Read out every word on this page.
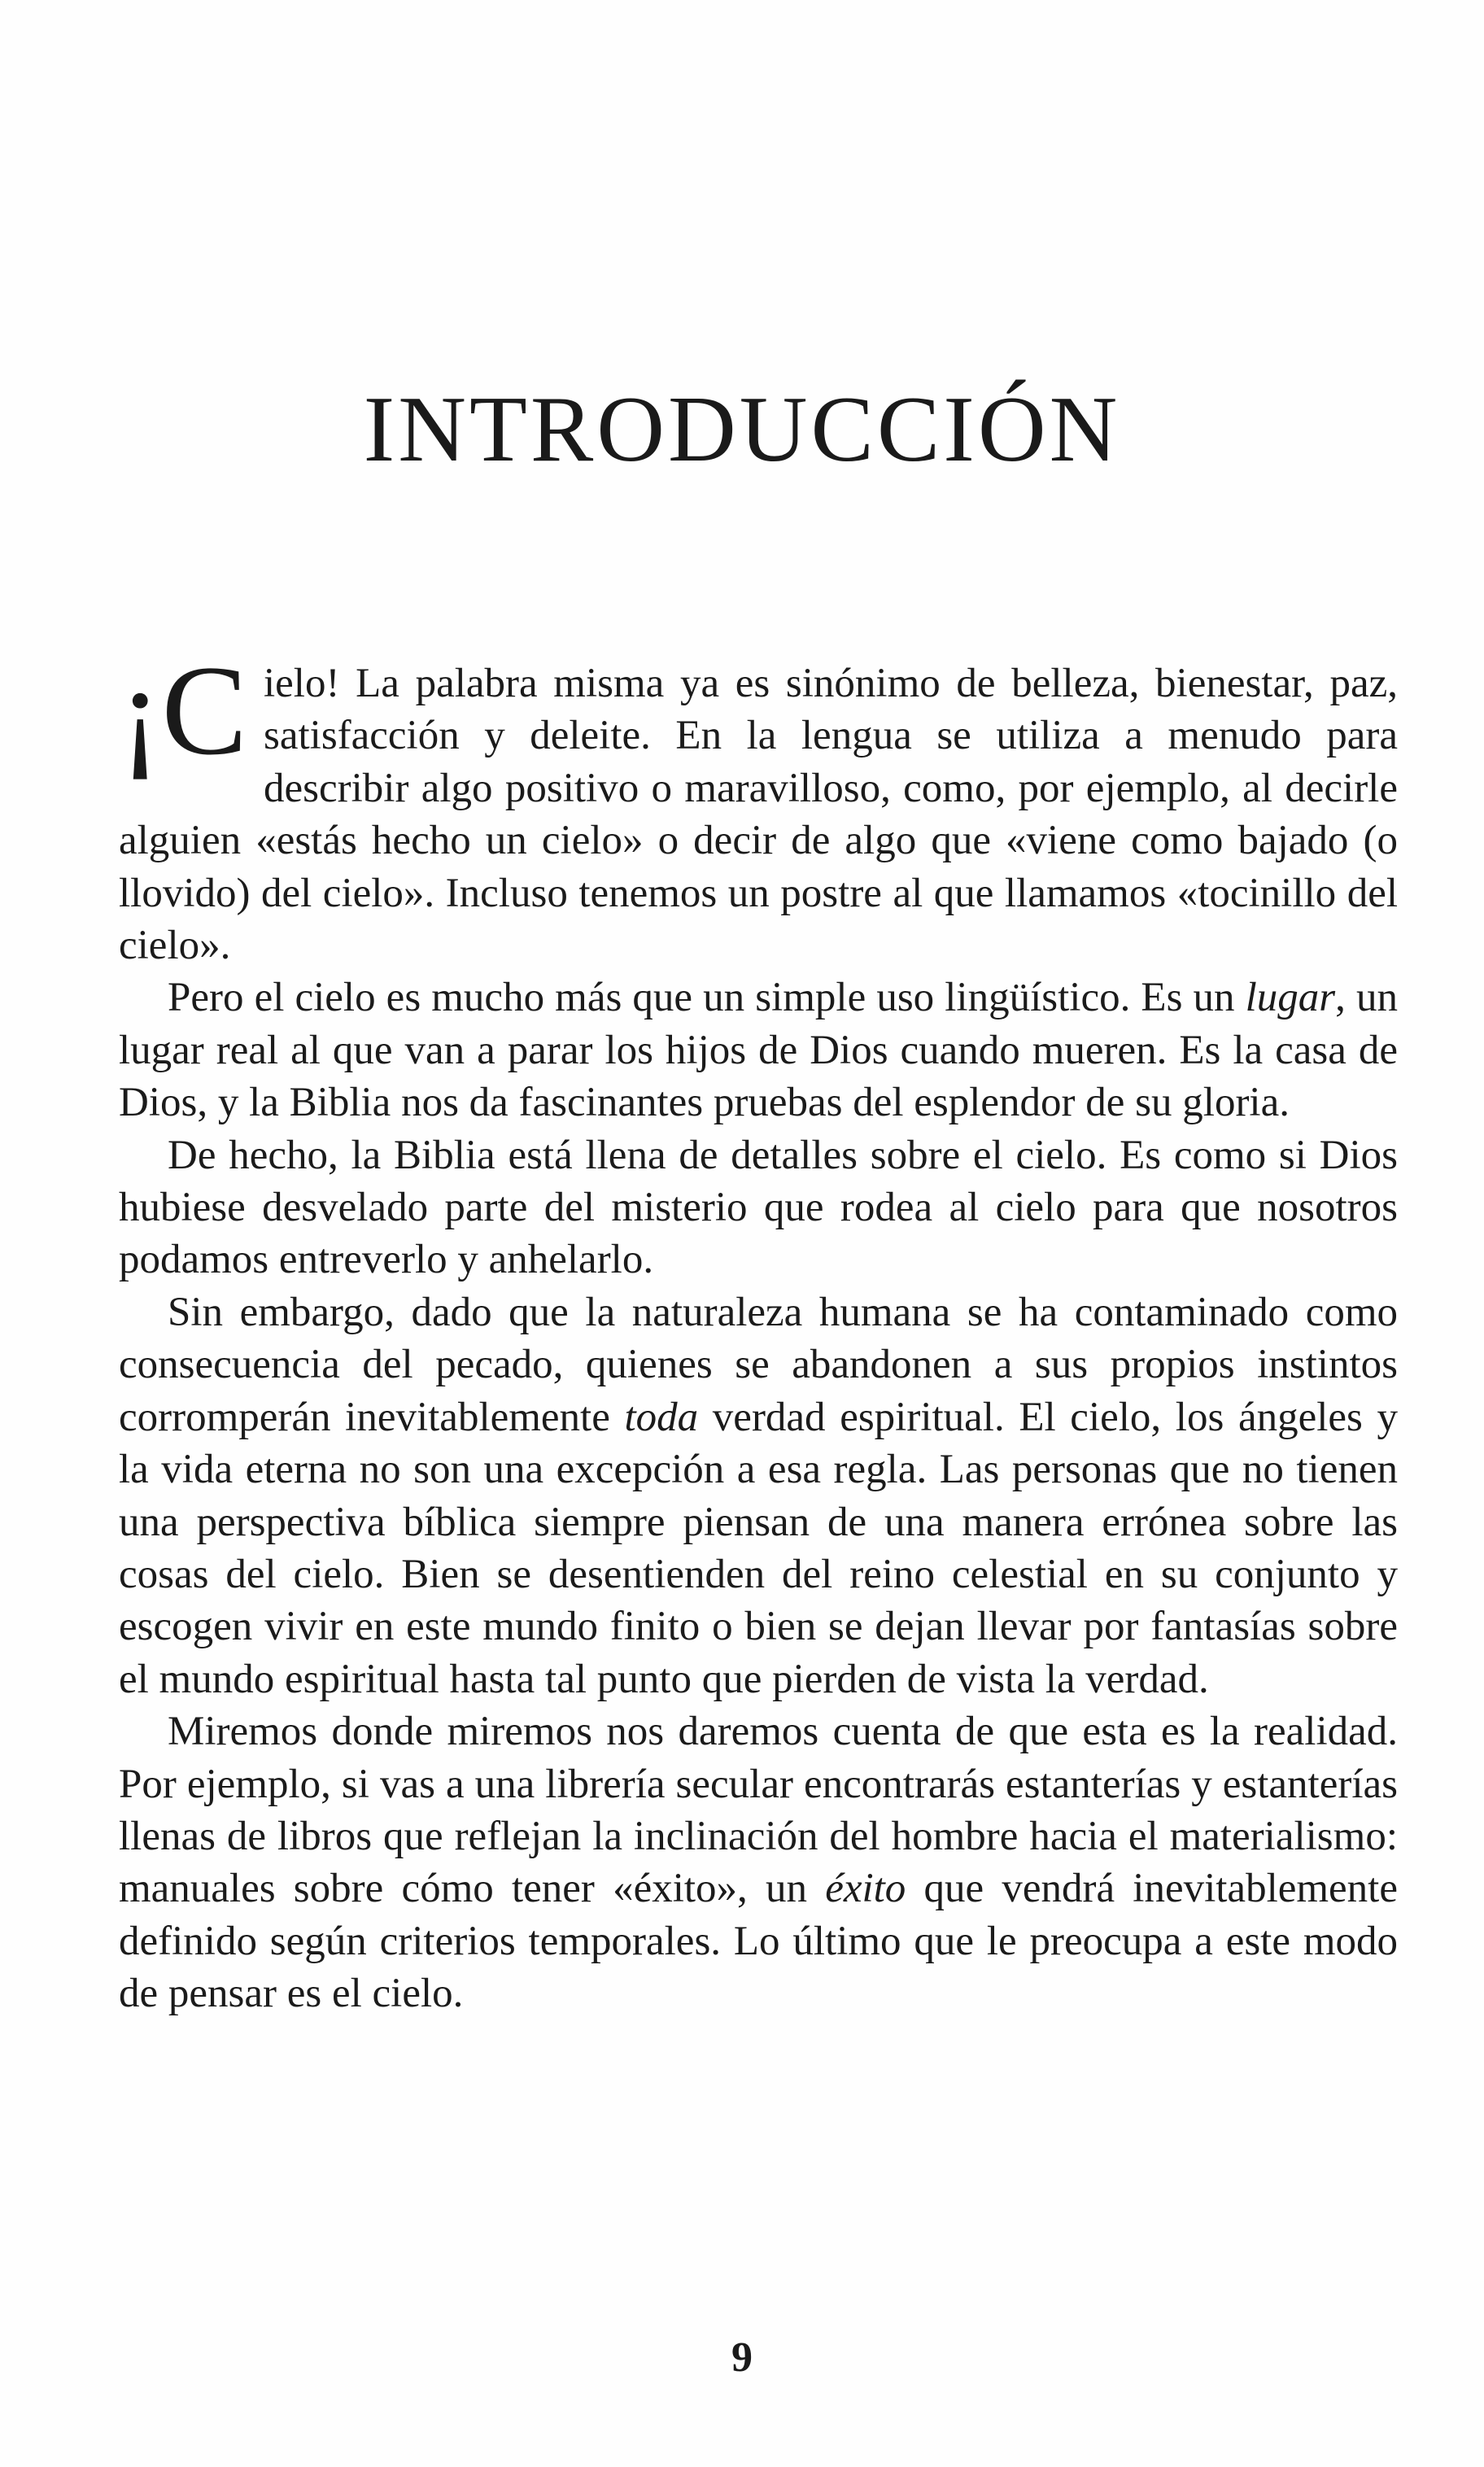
INTRODUCCIÓN

¡C ielo! La palabra misma ya es sinónimo de belleza, bienestar, paz, satisfacción y deleite. En la lengua se utiliza a menudo para describir algo positivo o maravilloso, como, por ejemplo, al decirle alguien «estás hecho un cielo» o decir de algo que «viene como bajado (o llovido) del cielo». Incluso tenemos un postre al que llamamos «tocinillo del cielo».

Pero el cielo es mucho más que un simple uso lingüístico. Es un lugar, un lugar real al que van a parar los hijos de Dios cuando mueren. Es la casa de Dios, y la Biblia nos da fascinantes pruebas del esplendor de su gloria.

De hecho, la Biblia está llena de detalles sobre el cielo. Es como si Dios hubiese desvelado parte del misterio que rodea al cielo para que nosotros podamos entreverlo y anhelarlo.

Sin embargo, dado que la naturaleza humana se ha contaminado como consecuencia del pecado, quienes se abandonen a sus propios instintos corromperán inevitablemente toda verdad espiritual. El cielo, los ángeles y la vida eterna no son una excepción a esa regla. Las personas que no tienen una perspectiva bíblica siempre piensan de una manera errónea sobre las cosas del cielo. Bien se desentienden del reino celestial en su conjunto y escogen vivir en este mundo finito o bien se dejan llevar por fantasías sobre el mundo espiritual hasta tal punto que pierden de vista la verdad.

Miremos donde miremos nos daremos cuenta de que esta es la realidad. Por ejemplo, si vas a una librería secular encontrarás estanterías y estanterías llenas de libros que reflejan la inclinación del hombre hacia el materialismo: manuales sobre cómo tener «éxito», un éxito que vendrá inevitablemente definido según criterios temporales. Lo último que le preocupa a este modo de pensar es el cielo.

9
